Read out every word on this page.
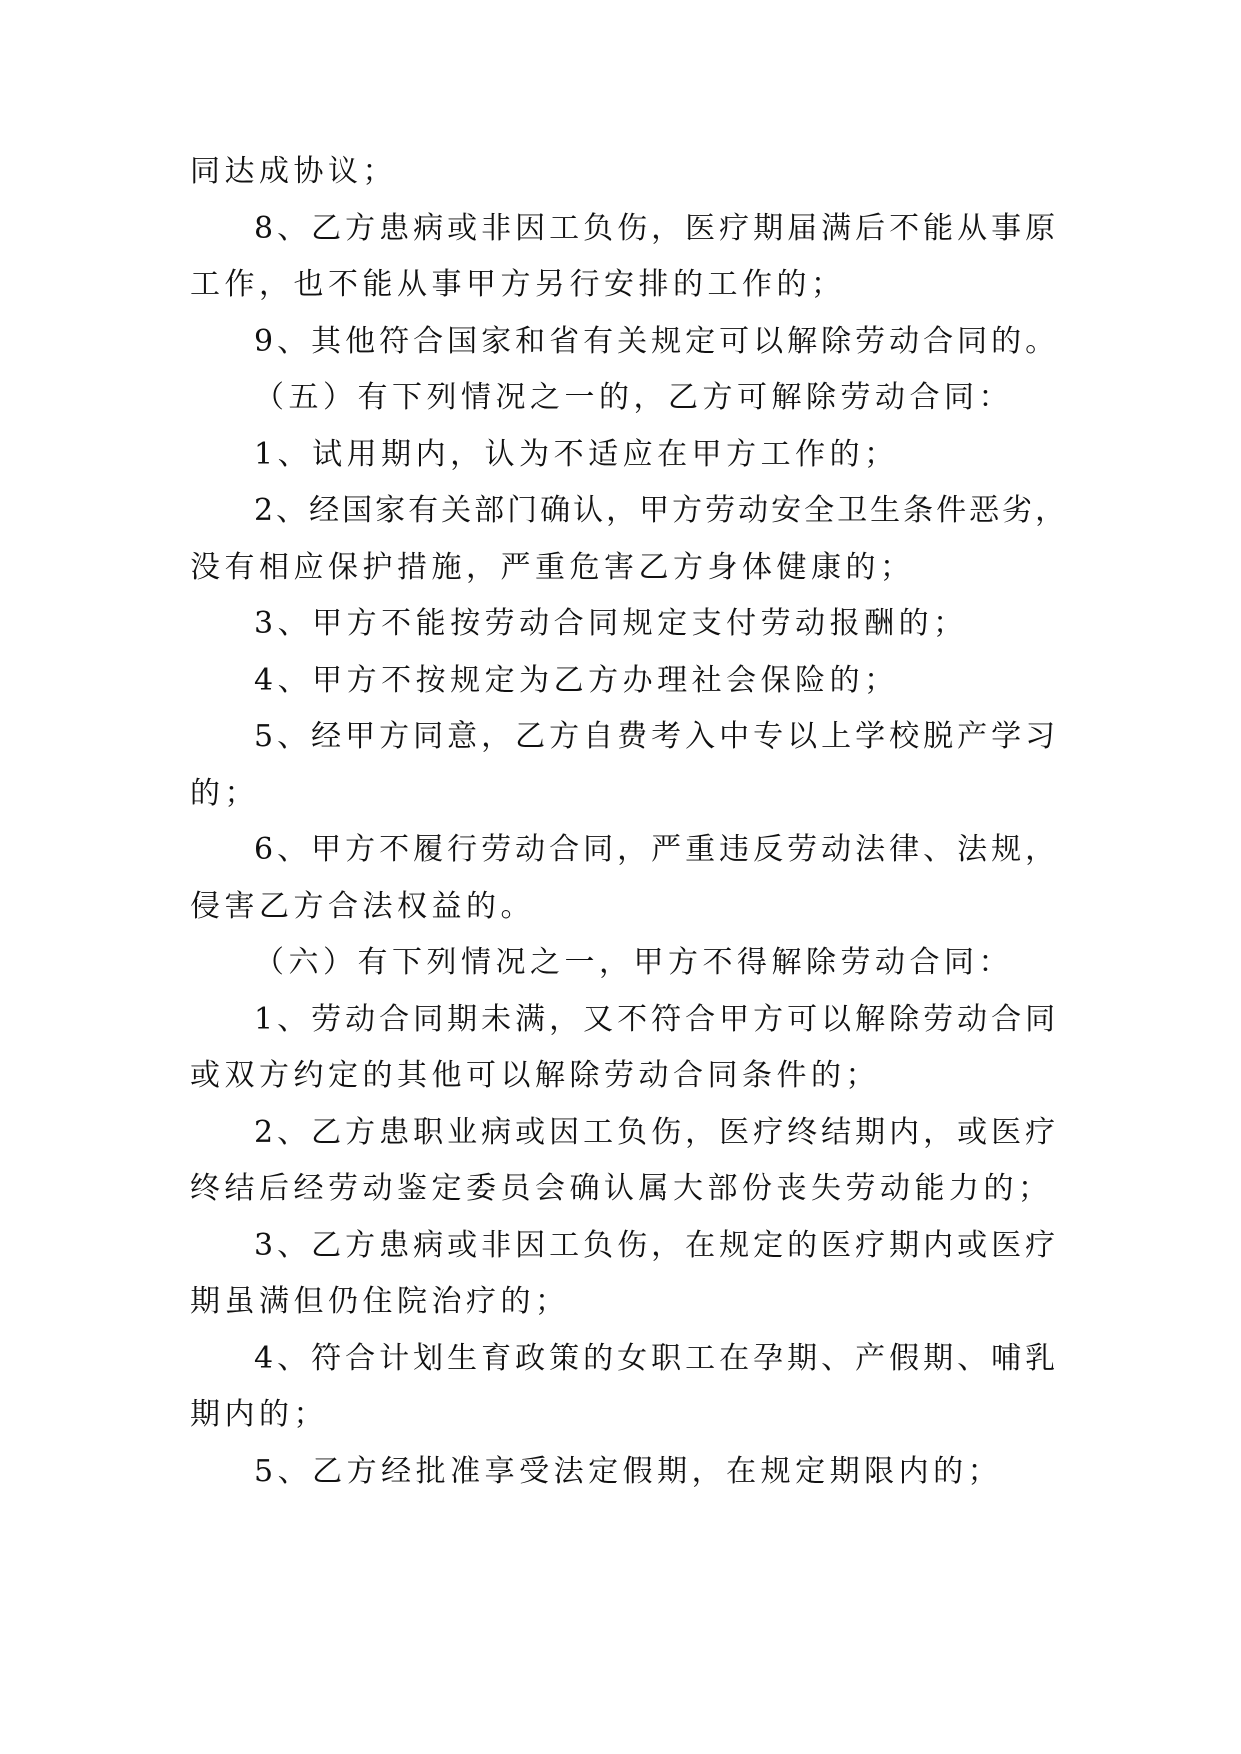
同达成协议；
8、乙方患病或非因工负伤，医疗期届满后不能从事原
工作，也不能从事甲方另行安排的工作的；
9、其他符合国家和省有关规定可以解除劳动合同的。
（五）有下列情况之一的，乙方可解除劳动合同：
1、试用期内，认为不适应在甲方工作的；
2、经国家有关部门确认，甲方劳动安全卫生条件恶劣，
没有相应保护措施，严重危害乙方身体健康的；
3、甲方不能按劳动合同规定支付劳动报酬的；
4、甲方不按规定为乙方办理社会保险的；
5、经甲方同意，乙方自费考入中专以上学校脱产学习
的；
6、甲方不履行劳动合同，严重违反劳动法律、法规，
侵害乙方合法权益的。
（六）有下列情况之一，甲方不得解除劳动合同：
1、劳动合同期未满，又不符合甲方可以解除劳动合同
或双方约定的其他可以解除劳动合同条件的；
2、乙方患职业病或因工负伤，医疗终结期内，或医疗
终结后经劳动鉴定委员会确认属大部份丧失劳动能力的；
3、乙方患病或非因工负伤，在规定的医疗期内或医疗
期虽满但仍住院治疗的；
4、符合计划生育政策的女职工在孕期、产假期、哺乳
期内的；
5、乙方经批准享受法定假期，在规定期限内的；
